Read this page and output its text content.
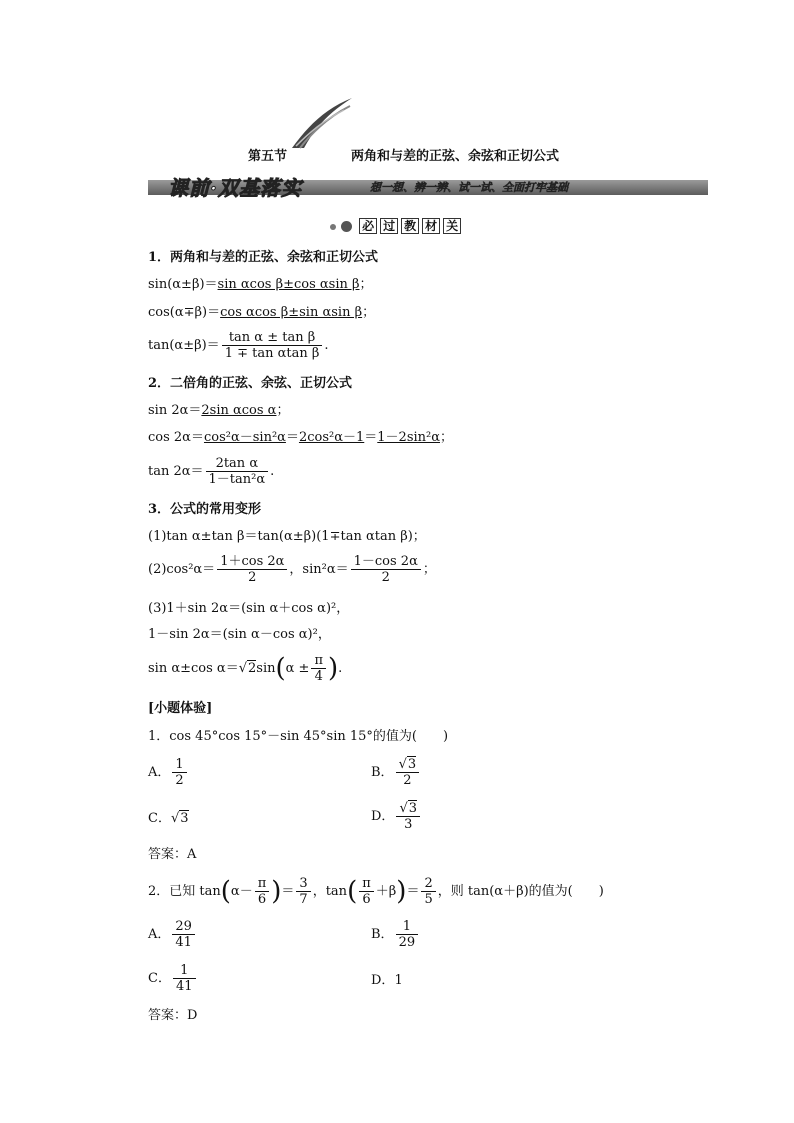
第五节	两角和与差的正弦、余弦和正切公式
课前·双基落实	想一想、辨一辨、试一试、全面打牢基础
必 过 教 材 关
1．两角和与差的正弦、余弦和正切公式
sin(α±β)＝sin αcos β±cos αsin β；
cos(α∓β)＝cos αcos β±sin αsin β；
$\tan(\alpha\pm\beta)= \frac{\text{tan α ± tan β}}{\text{1 ∓ tan αtan β}}$ .
2．二倍角的正弦、余弦、正切公式
sin 2α＝2sin αcos α；
cos 2α＝cos²α－sin²α＝2cos²α－1＝1－2sin²α；
$\tan 2\alpha= \frac{\text{2tan α}}{\text{1－tan²α}}$ .
3．公式的常用变形
(1)tan α±tan β＝tan(α±β)(1∓tan αtan β)；
$(2)\cos^2\alpha= \frac{1+\cos 2\alpha}{2}$ ，$\sin^2\alpha= \frac{1-\cos 2\alpha}{2}$ ；
(3)1＋sin 2α＝(sin α＋cos α)²，
1－sin 2α＝(sin α－cos α)²，
sin α±cos $\alpha=√2\sin(\alpha \pm \frac{\pi}{4}$ ).
[小题体验]
1．cos 45°cos 15°－sin 45°sin 15°的值为(　　)
A． $\frac{1}{2}$	B． $\frac{√3}{2}$
C．√3	D． $\frac{√3}{3}$
答案：A
2．已知 $\tan(\alpha- \frac{\pi}{6}$ )＝ $\frac{3}{7}$ ，$\tan( \frac{\pi}{6} +\beta)= \frac{2}{5}$ ，则 tan(α＋β)的值为(　　)
A． $\frac{29}{41}$	B． $\frac{1}{29}$
C． $\frac{1}{41}$	D．1
答案：D
